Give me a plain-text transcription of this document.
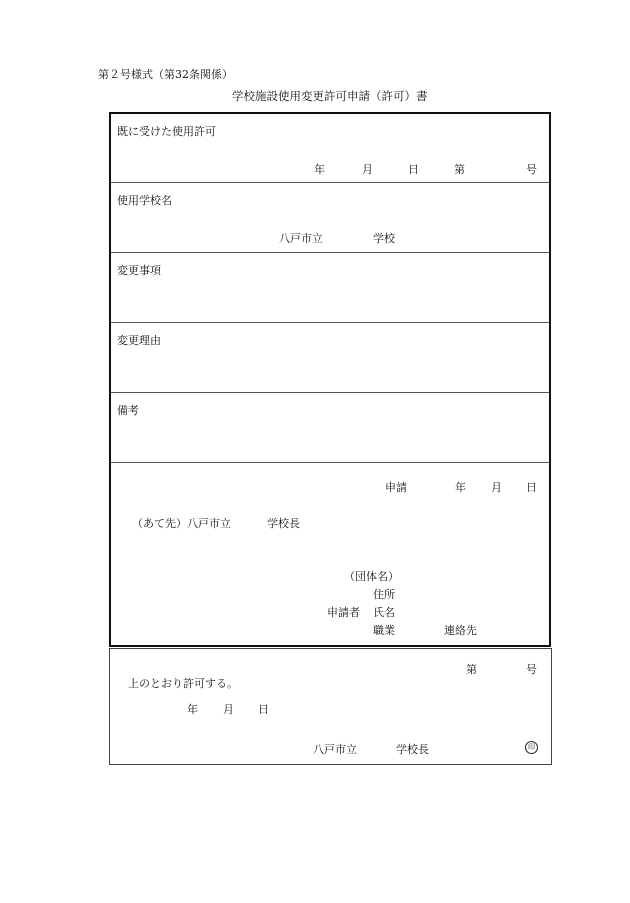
第２号様式（第32条関係）
学校施設使用変更許可申請（許可）書
既に受けた使用許可
年	月	日	第	号
使用学校名
八戸市立	学校
変更事項
変更理由
備考
申請	年 月 日
（あて先）八戸市立	学校長
（団体名）
住所
申請者 氏名
職業	連絡先
第	号
上のとおり許可する。
年 月 日
八戸市立	学校長	印
